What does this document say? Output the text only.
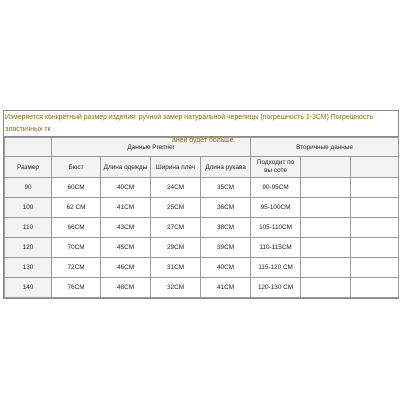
Измеряется конкретный размер изделия: ручной замер натуральной черепицы (погрешность 1-3CM) Погрешность эластичных тк
аней будет больше.
	Данные Premier				Вторичные данные		
Размер	Бюст	Длина одежды	Ширина плеч	Длина рукава	Подходит по вы соте		
90	60CM	40CM	24CM	35CM	90-95CM		
100	62 CM	41CM	25CM	36CM	95-100CM		
110	66CM	43CM	27CM	38CM	105-110CM		
120	70CM	45CM	29CM	39CM	110-115CM		
130	72CM	46CM	31CM	40CM	115-120 CM		
140	76CM	48CM	32CM	41CM	120-130 CM		
